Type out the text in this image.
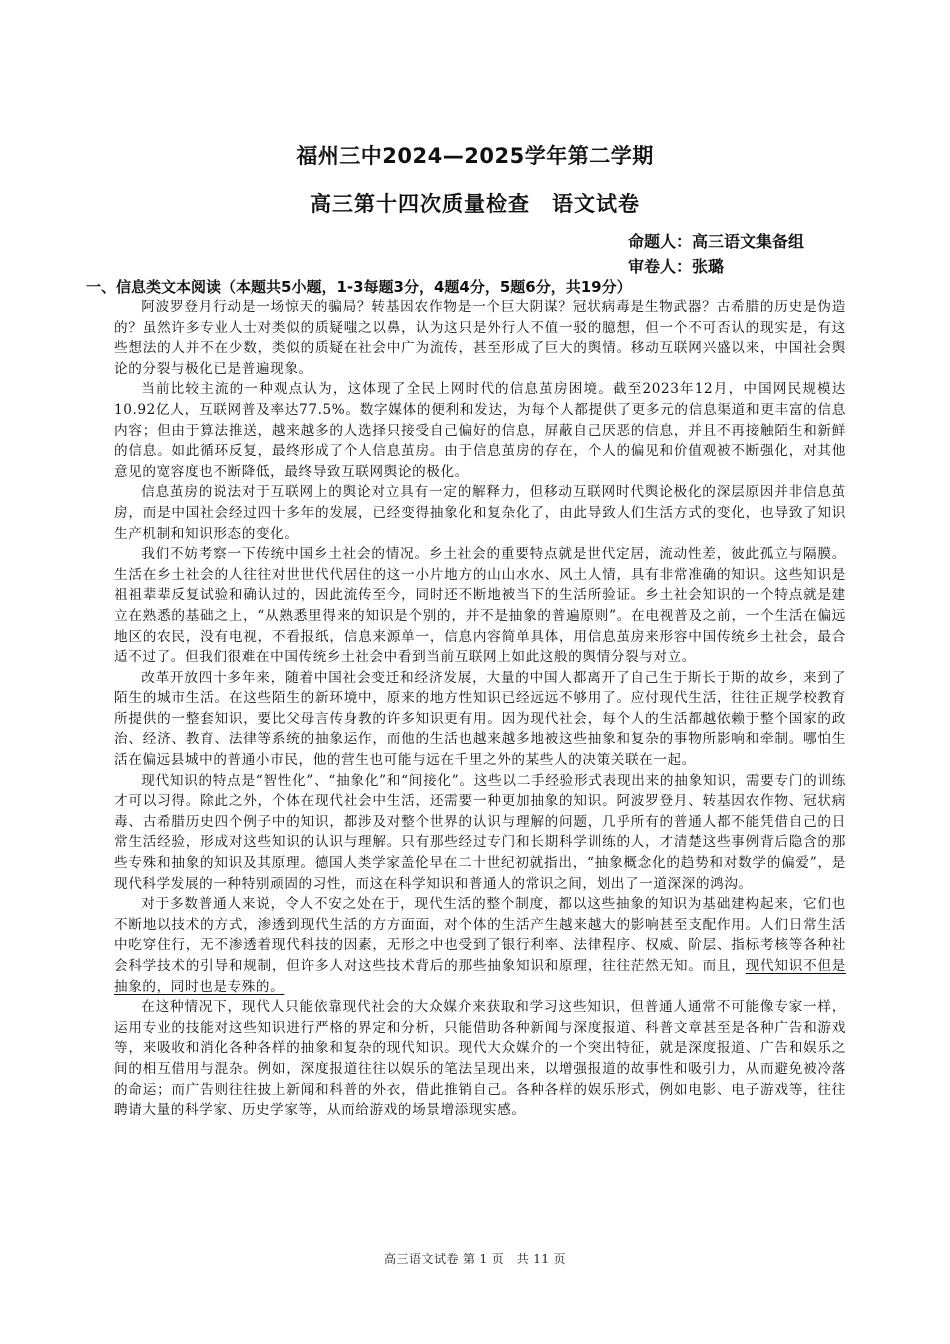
福州三中2024—2025学年第二学期
高三第十四次质量检查　语文试卷
命题人：高三语文集备组
审卷人：张璐
一、信息类文本阅读（本题共5小题，1-3每题3分，4题4分，5题6分，共19分）

阿波罗登月行动是一场惊天的骗局？转基因农作物是一个巨大阴谋？冠状病毒是生物武器？古希腊的历史是伪造的？虽然许多专业人士对类似的质疑嗤之以鼻，认为这只是外行人不值一驳的臆想，但一个不可否认的现实是，有这些想法的人并不在少数，类似的质疑在社会中广为流传，甚至形成了巨大的舆情。移动互联网兴盛以来，中国社会舆论的分裂与极化已是普遍现象。

当前比较主流的一种观点认为，这体现了全民上网时代的信息茧房困境。截至2023年12月，中国网民规模达10.92亿人，互联网普及率达77.5%。数字媒体的便利和发达，为每个人都提供了更多元的信息渠道和更丰富的信息内容；但由于算法推送，越来越多的人选择只接受自己偏好的信息，屏蔽自己厌恶的信息，并且不再接触陌生和新鲜的信息。如此循环反复，最终形成了个人信息茧房。由于信息茧房的存在，个人的偏见和价值观被不断强化，对其他意见的宽容度也不断降低，最终导致互联网舆论的极化。

信息茧房的说法对于互联网上的舆论对立具有一定的解释力，但移动互联网时代舆论极化的深层原因并非信息茧房，而是中国社会经过四十多年的发展，已经变得抽象化和复杂化了，由此导致人们生活方式的变化，也导致了知识生产机制和知识形态的变化。

我们不妨考察一下传统中国乡土社会的情况。乡土社会的重要特点就是世代定居，流动性差，彼此孤立与隔膜。生活在乡土社会的人往往对世世代代居住的这一小片地方的山山水水、风土人情，具有非常准确的知识。这些知识是祖祖辈辈反复试验和确认过的，因此流传至今，同时还不断地被当下的生活所验证。乡土社会知识的一个特点就是建立在熟悉的基础之上，“从熟悉里得来的知识是个别的，并不是抽象的普遍原则”。在电视普及之前，一个生活在偏远地区的农民，没有电视，不看报纸，信息来源单一，信息内容简单具体，用信息茧房来形容中国传统乡土社会，最合适不过了。但我们很难在中国传统乡土社会中看到当前互联网上如此这般的舆情分裂与对立。

改革开放四十多年来，随着中国社会变迁和经济发展，大量的中国人都离开了自己生于斯长于斯的故乡，来到了陌生的城市生活。在这些陌生的新环境中，原来的地方性知识已经远远不够用了。应付现代生活，往往正规学校教育所提供的一整套知识，要比父母言传身教的许多知识更有用。因为现代社会，每个人的生活都越依赖于整个国家的政治、经济、教育、法律等系统的抽象运作，而他的生活也越来越多地被这些抽象和复杂的事物所影响和牵制。哪怕生活在偏远县城中的普通小市民，他的营生也可能与远在千里之外的某些人的决策关联在一起。

现代知识的特点是“智性化”、“抽象化”和“间接化”。这些以二手经验形式表现出来的抽象知识，需要专门的训练才可以习得。除此之外，个体在现代社会中生活，还需要一种更加抽象的知识。阿波罗登月、转基因农作物、冠状病毒、古希腊历史四个例子中的知识，都涉及对整个世界的认识与理解的问题，几乎所有的普通人都不能凭借自己的日常生活经验，形成对这些知识的认识与理解。只有那些经过专门和长期科学训练的人，才清楚这些事例背后隐含的那些专殊和抽象的知识及其原理。德国人类学家盖伦早在二十世纪初就指出，“抽象概念化的趋势和对数学的偏爱”，是现代科学发展的一种特别顽固的习性，而这在科学知识和普通人的常识之间，划出了一道深深的鸿沟。

对于多数普通人来说，令人不安之处在于，现代生活的整个制度，都以这些抽象的知识为基础建构起来，它们也不断地以技术的方式，渗透到现代生活的方方面面，对个体的生活产生越来越大的影响甚至支配作用。人们日常生活中吃穿住行，无不渗透着现代科技的因素，无形之中也受到了银行利率、法律程序、权威、阶层、指标考核等各种社会科学技术的引导和规制，但许多人对这些技术背后的那些抽象知识和原理，往往茫然无知。而且，现代知识不但是抽象的，同时也是专殊的。

在这种情况下，现代人只能依靠现代社会的大众媒介来获取和学习这些知识，但普通人通常不可能像专家一样，运用专业的技能对这些知识进行严格的界定和分析，只能借助各种新闻与深度报道、科普文章甚至是各种广告和游戏等，来吸收和消化各种各样的抽象和复杂的现代知识。现代大众媒介的一个突出特征，就是深度报道、广告和娱乐之间的相互借用与混杂。例如，深度报道往往以娱乐的笔法呈现出来，以增强报道的故事性和吸引力，从而避免被冷落的命运；而广告则往往披上新闻和科普的外衣，借此推销自己。各种各样的娱乐形式，例如电影、电子游戏等，往往聘请大量的科学家、历史学家等，从而给游戏的场景增添现实感。

高三语文试卷 第 1 页　共 11 页
